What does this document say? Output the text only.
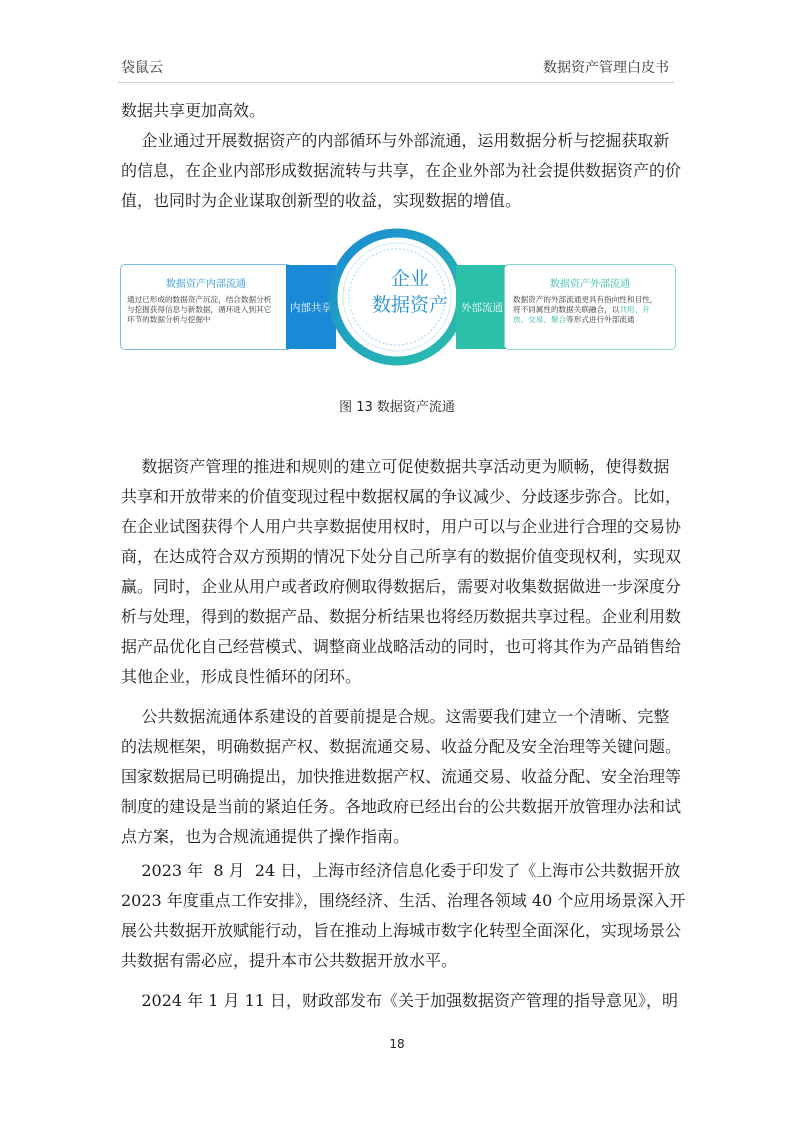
袋鼠云	数据资产管理白皮书
数据共享更加高效。
企业通过开展数据资产的内部循环与外部流通，运用数据分析与挖掘获取新
的信息，在企业内部形成数据流转与共享，在企业外部为社会提供数据资产的价
值，也同时为企业谋取创新型的收益，实现数据的增值。
数据资产内部流通
通过已形成的数据资产沉淀，结合数据分析
与挖掘获得信息与新数据，循环进入到其它
环节的数据分析与挖掘中
内部共享
企业
数据资产	外部流通
数据资产外部流通
数据资产的外部流通更具有指向性和目性，
将不同属性的数据关联融合，以共用、开
放、交易、聚合等形式进行外部流通
图 13 数据资产流通
数据资产管理的推进和规则的建立可促使数据共享活动更为顺畅，使得数据
共享和开放带来的价值变现过程中数据权属的争议减少、分歧逐步弥合。比如，
在企业试图获得个人用户共享数据使用权时，用户可以与企业进行合理的交易协
商，在达成符合双方预期的情况下处分自己所享有的数据价值变现权利，实现双
赢。同时，企业从用户或者政府侧取得数据后，需要对收集数据做进一步深度分
析与处理，得到的数据产品、数据分析结果也将经历数据共享过程。企业利用数
据产品优化自己经营模式、调整商业战略活动的同时，也可将其作为产品销售给
其他企业，形成良性循环的闭环。
公共数据流通体系建设的首要前提是合规。这需要我们建立一个清晰、完整
的法规框架，明确数据产权、数据流通交易、收益分配及安全治理等关键问题。
国家数据局已明确提出，加快推进数据产权、流通交易、收益分配、安全治理等
制度的建设是当前的紧迫任务。各地政府已经出台的公共数据开放管理办法和试
点方案，也为合规流通提供了操作指南。
2023 年  8 月  24 日，上海市经济信息化委于印发了《上海市公共数据开放
2023 年度重点工作安排》，围绕经济、生活、治理各领域 40 个应用场景深入开
展公共数据开放赋能行动，旨在推动上海城市数字化转型全面深化，实现场景公
共数据有需必应，提升本市公共数据开放水平。
2024 年 1 月 11 日，财政部发布《关于加强数据资产管理的指导意见》，明
18
